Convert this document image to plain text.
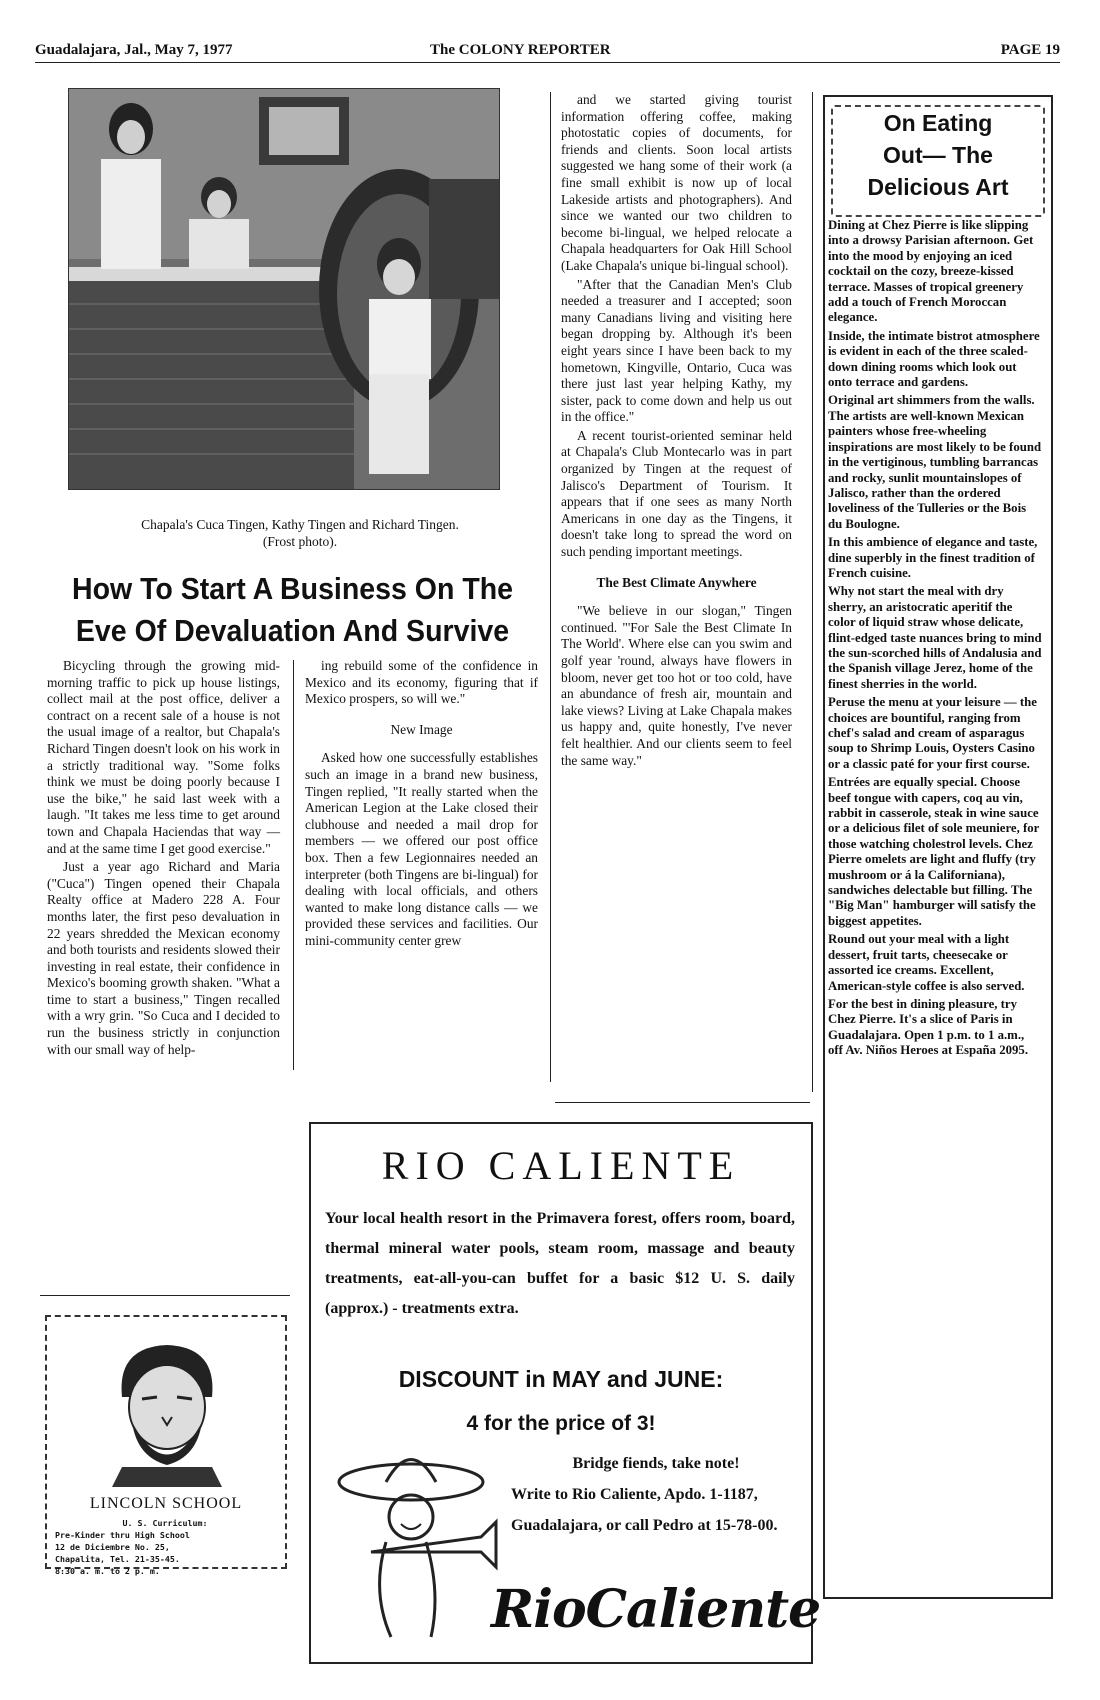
Guadalajara, Jal., May 7, 1977	The COLONY REPORTER	PAGE 19
Chapala's Cuca Tingen, Kathy Tingen and Richard Tingen.
(Frost photo).
How To Start A Business On The Eve Of Devaluation And Survive

Bicycling through the growing mid-morning traffic to pick up house listings, collect mail at the post office, deliver a contract on a recent sale of a house is not the usual image of a realtor, but Chapala's Richard Tingen doesn't look on his work in a strictly traditional way. "Some folks think we must be doing poorly because I use the bike," he said last week with a laugh. "It takes me less time to get around town and Chapala Haciendas that way — and at the same time I get good exercise."

Just a year ago Richard and Maria ("Cuca") Tingen opened their Chapala Realty office at Madero 228 A. Four months later, the first peso devaluation in 22 years shredded the Mexican economy and both tourists and residents slowed their investing in real estate, their confidence in Mexico's booming growth shaken. "What a time to start a business," Tingen recalled with a wry grin. "So Cuca and I decided to run the business strictly in conjunction with our small way of help-

ing rebuild some of the confidence in Mexico and its economy, figuring that if Mexico prospers, so will we."

New Image

Asked how one successfully establishes such an image in a brand new business, Tingen replied, "It really started when the American Legion at the Lake closed their clubhouse and needed a mail drop for members — we offered our post office box. Then a few Legionnaires needed an interpreter (both Tingens are bi-lingual) for dealing with local officials, and others wanted to make long distance calls — we provided these services and facilities. Our mini-community center grew

and we started giving tourist information offering coffee, making photostatic copies of documents, for friends and clients. Soon local artists suggested we hang some of their work (a fine small exhibit is now up of local Lakeside artists and photographers). And since we wanted our two children to become bi-lingual, we helped relocate a Chapala headquarters for Oak Hill School (Lake Chapala's unique bi-lingual school).

"After that the Canadian Men's Club needed a treasurer and I accepted; soon many Canadians living and visiting here began dropping by. Although it's been eight years since I have been back to my hometown, Kingville, Ontario, Cuca was there just last year helping Kathy, my sister, pack to come down and help us out in the office."

A recent tourist-oriented seminar held at Chapala's Club Montecarlo was in part organized by Tingen at the request of Jalisco's Department of Tourism. It appears that if one sees as many North Americans in one day as the Tingens, it doesn't take long to spread the word on such pending important meetings.

The Best Climate Anywhere

"We believe in our slogan," Tingen continued. "'For Sale the Best Climate In The World'. Where else can you swim and golf year 'round, always have flowers in bloom, never get too hot or too cold, have an abundance of fresh air, mountain and lake views? Living at Lake Chapala makes us happy and, quite honestly, I've never felt healthier. And our clients seem to feel the same way."

On Eating
Out— The
Delicious Art

Dining at Chez Pierre is like slipping into a drowsy Parisian afternoon. Get into the mood by enjoying an iced cocktail on the cozy, breeze-kissed terrace. Masses of tropical greenery add a touch of French Moroccan elegance.

Inside, the intimate bistrot atmosphere is evident in each of the three scaled-down dining rooms which look out onto terrace and gardens.

Original art shimmers from the walls. The artists are well-known Mexican painters whose free-wheeling inspirations are most likely to be found in the vertiginous, tumbling barrancas and rocky, sunlit mountainslopes of Jalisco, rather than the ordered loveliness of the Tulleries or the Bois du Boulogne.

In this ambience of elegance and taste, dine superbly in the finest tradition of French cuisine.

Why not start the meal with dry sherry, an aristocratic aperitif the color of liquid straw whose delicate, flint-edged taste nuances bring to mind the sun-scorched hills of Andalusia and the Spanish village Jerez, home of the finest sherries in the world.

Peruse the menu at your leisure — the choices are bountiful, ranging from chef's salad and cream of asparagus soup to Shrimp Louis, Oysters Casino or a classic paté for your first course.

Entrées are equally special. Choose beef tongue with capers, coq au vin, rabbit in casserole, steak in wine sauce or a delicious filet of sole meuniere, for those watching cholestrol levels. Chez Pierre omelets are light and fluffy (try mushroom or á la Californiana), sandwiches delectable but filling. The "Big Man" hamburger will satisfy the biggest appetites.

Round out your meal with a light dessert, fruit tarts, cheesecake or assorted ice creams. Excellent, American-style coffee is also served.

For the best in dining pleasure, try Chez Pierre. It's a slice of Paris in Guadalajara. Open 1 p.m. to 1 a.m., off Av. Niños Heroes at España 2095.

RIO CALIENTE
Your local health resort in the Primavera forest, offers room, board, thermal mineral water pools, steam room, massage and beauty treatments, eat-all-you-can buffet for a basic $12 U. S. daily (approx.) - treatments extra.
DISCOUNT in MAY and JUNE:
4 for the price of 3!
Bridge fiends, take note!
Write to Rio Caliente, Apdo. 1-1187, Guadalajara, or call Pedro at 15-78-00.
RioCaliente
LINCOLN SCHOOL
U. S. Curriculum:
Pre-Kinder thru High School
12 de Diciembre No. 25,
Chapalita, Tel. 21-35-45.
8:30 a. m. to 2 p. m.
